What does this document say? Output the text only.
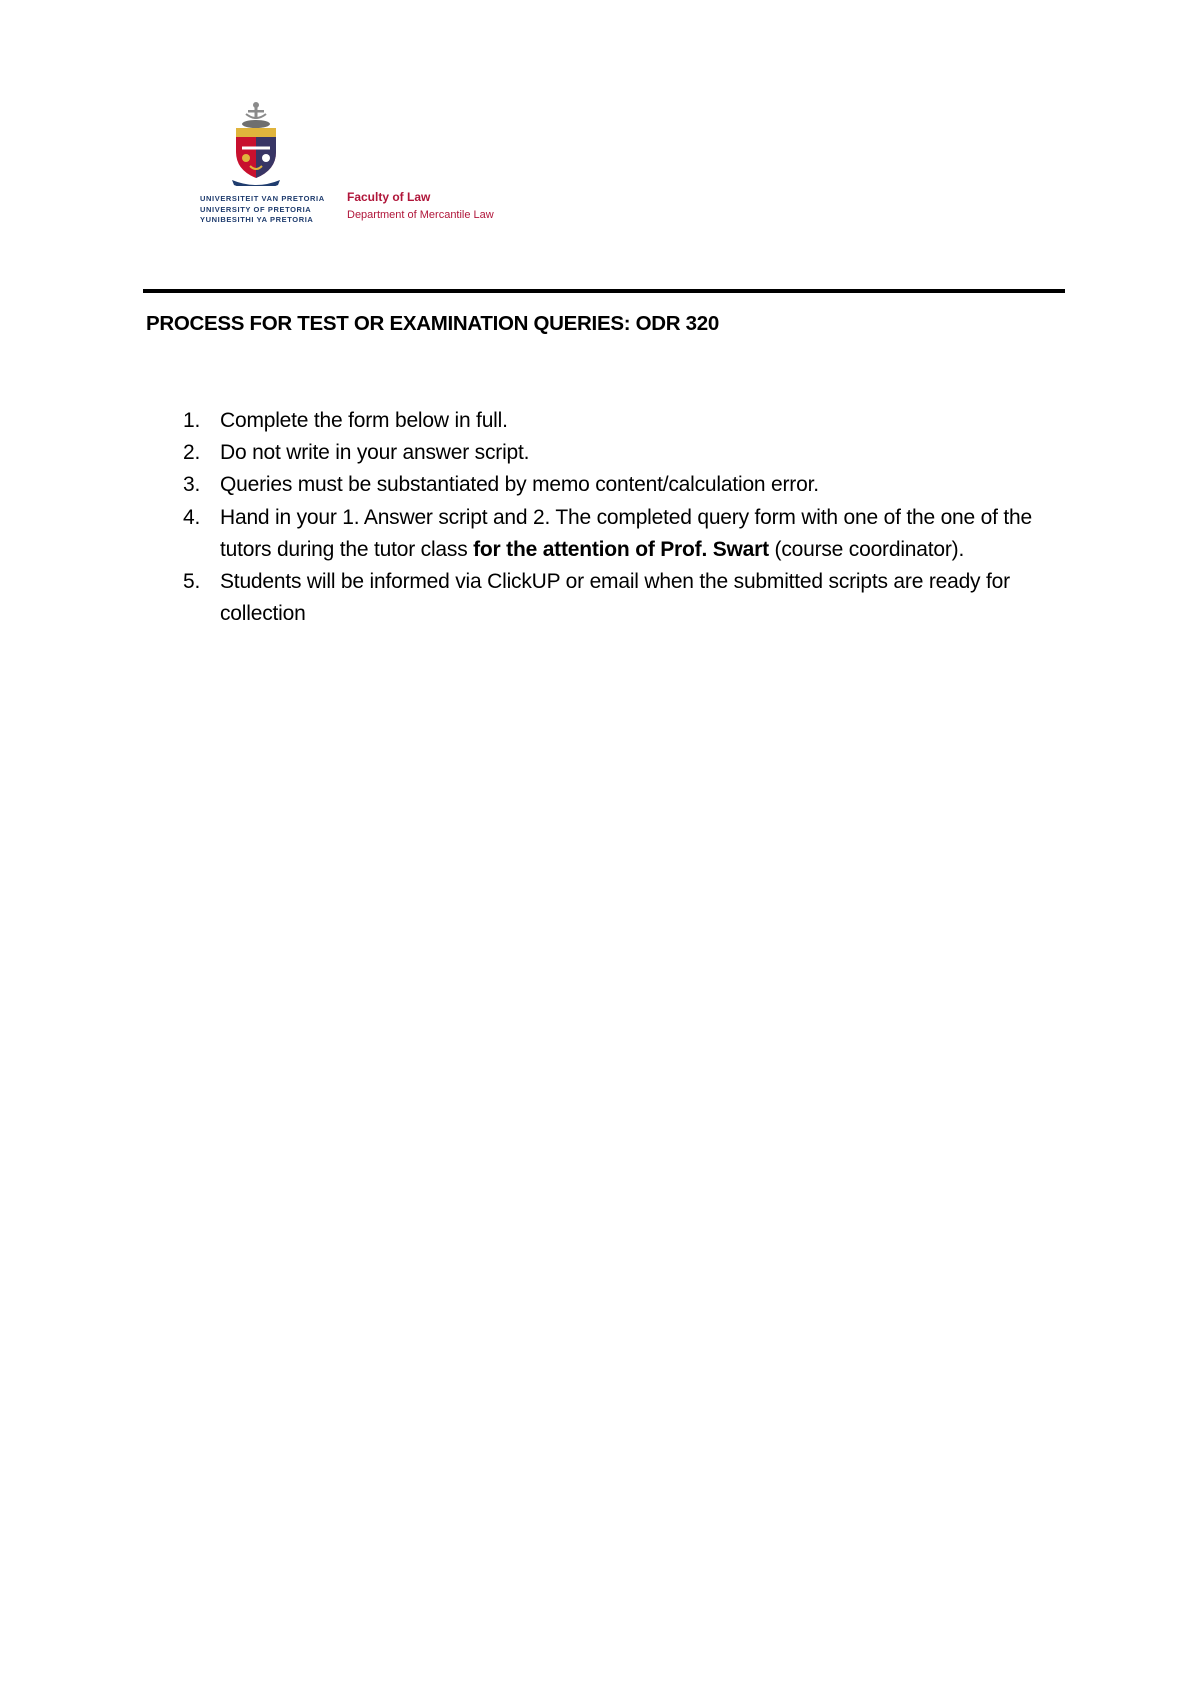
UNIVERSITEIT VAN PRETORIA
UNIVERSITY OF PRETORIA
YUNIBESITHI YA PRETORIA
Faculty of Law
Department of Mercantile Law
PROCESS FOR TEST OR EXAMINATION QUERIES: ODR 320
1. Complete the form below in full.
2. Do not write in your answer script.
3. Queries must be substantiated by memo content/calculation error.
4. Hand in your 1. Answer script and 2. The completed query form with one of the one of the tutors during the tutor class for the attention of Prof. Swart (course coordinator).
5. Students will be informed via ClickUP or email when the submitted scripts are ready for collection
